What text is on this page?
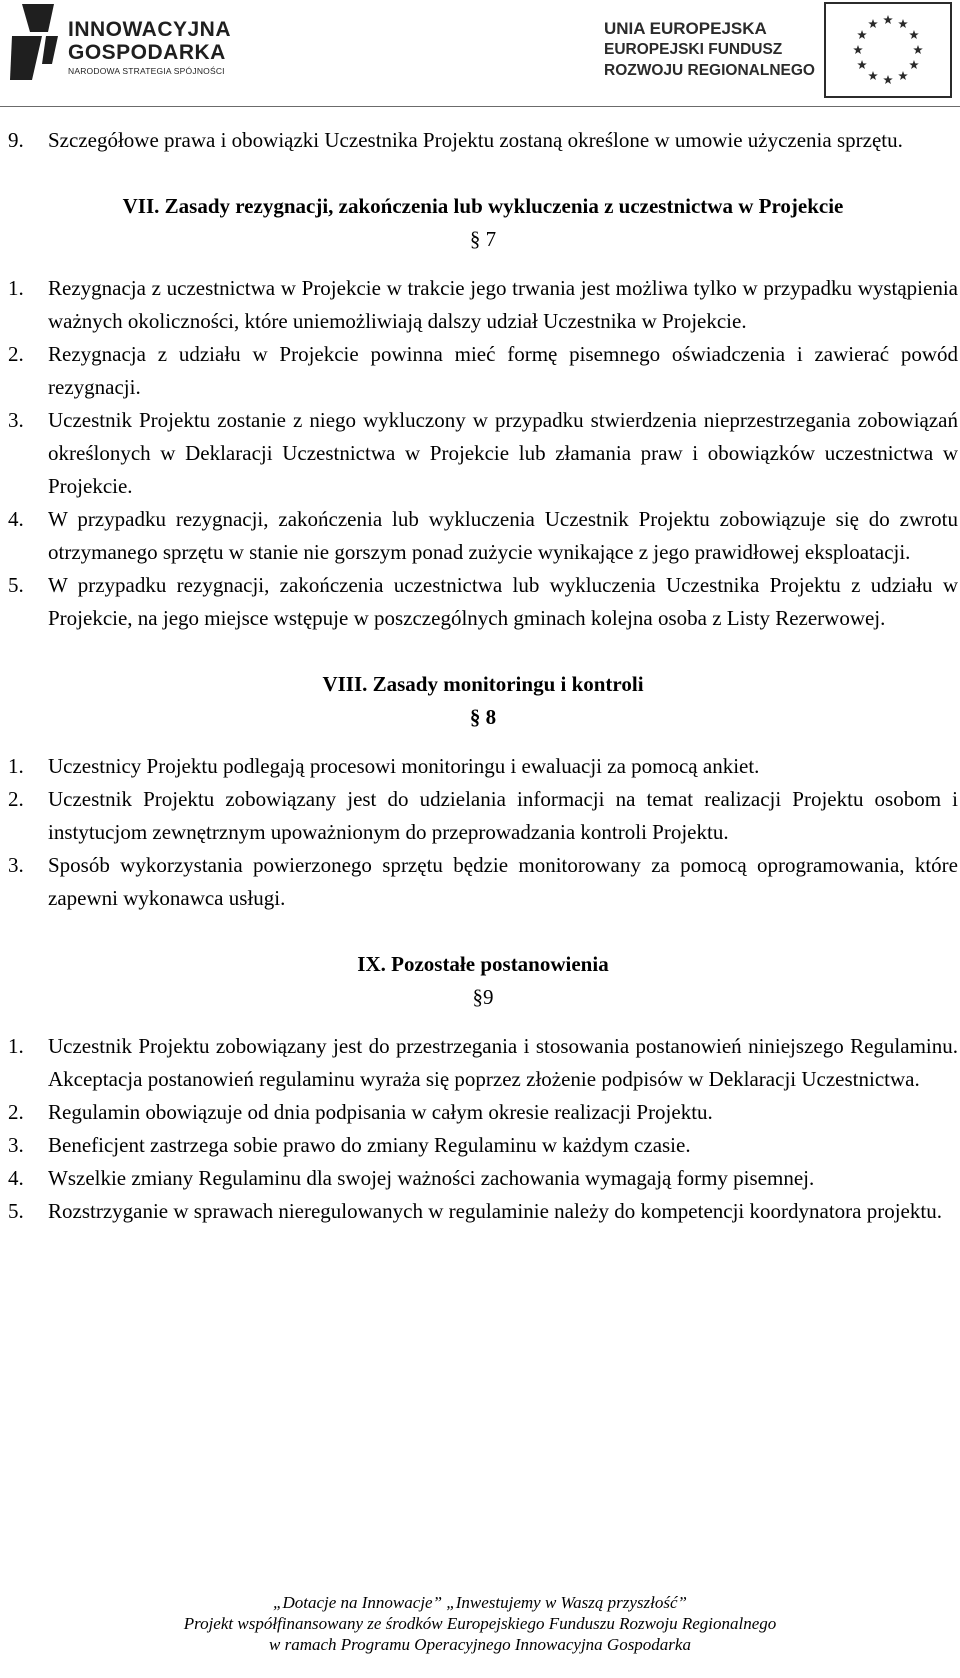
INNOWACYJNA
GOSPODARKA
NARODOWA STRATEGIA SPÓJNOŚCI
UNIA EUROPEJSKA
EUROPEJSKI FUNDUSZ
ROZWOJU REGIONALNEGO
9. Szczegółowe prawa i obowiązki Uczestnika Projektu zostaną określone w umowie użyczenia sprzętu.
VII. Zasady rezygnacji, zakończenia lub wykluczenia z uczestnictwa w Projekcie
§ 7
1. Rezygnacja z uczestnictwa w Projekcie w trakcie jego trwania jest możliwa tylko w przypadku wystąpienia ważnych okoliczności, które uniemożliwiają dalszy udział Uczestnika w Projekcie.
2. Rezygnacja z udziału w Projekcie powinna mieć formę pisemnego oświadczenia i zawierać powód rezygnacji.
3. Uczestnik Projektu zostanie z niego wykluczony w przypadku stwierdzenia nieprzestrzegania zobowiązań określonych w Deklaracji Uczestnictwa w Projekcie lub złamania praw i obowiązków uczestnictwa w Projekcie.
4. W przypadku rezygnacji, zakończenia lub wykluczenia Uczestnik Projektu zobowiązuje się do zwrotu otrzymanego sprzętu w stanie nie gorszym ponad zużycie wynikające z jego prawidłowej eksploatacji.
5. W przypadku rezygnacji, zakończenia uczestnictwa lub wykluczenia Uczestnika Projektu z udziału w Projekcie, na jego miejsce wstępuje w poszczególnych gminach kolejna osoba z Listy Rezerwowej.
VIII. Zasady monitoringu i kontroli
§ 8
1. Uczestnicy Projektu podlegają procesowi monitoringu i ewaluacji za pomocą ankiet.
2. Uczestnik Projektu zobowiązany jest do udzielania informacji na temat realizacji Projektu osobom i instytucjom zewnętrznym upoważnionym do przeprowadzania kontroli Projektu.
3. Sposób wykorzystania powierzonego sprzętu będzie monitorowany za pomocą oprogramowania, które zapewni wykonawca usługi.
IX. Pozostałe postanowienia
§9
1. Uczestnik Projektu zobowiązany jest do przestrzegania i stosowania postanowień niniejszego Regulaminu. Akceptacja postanowień regulaminu wyraża się poprzez złożenie podpisów w Deklaracji Uczestnictwa.
2. Regulamin obowiązuje od dnia podpisania w całym okresie realizacji Projektu.
3. Beneficjent zastrzega sobie prawo do zmiany Regulaminu w każdym czasie.
4. Wszelkie zmiany Regulaminu dla swojej ważności zachowania wymagają formy pisemnej.
5. Rozstrzyganie w sprawach nieregulowanych w regulaminie należy do kompetencji koordynatora projektu.
„Dotacje na Innowacje” „Inwestujemy w Waszą przyszłość”
Projekt współfinansowany ze środków Europejskiego Funduszu Rozwoju Regionalnego
w ramach Programu Operacyjnego Innowacyjna Gospodarka
